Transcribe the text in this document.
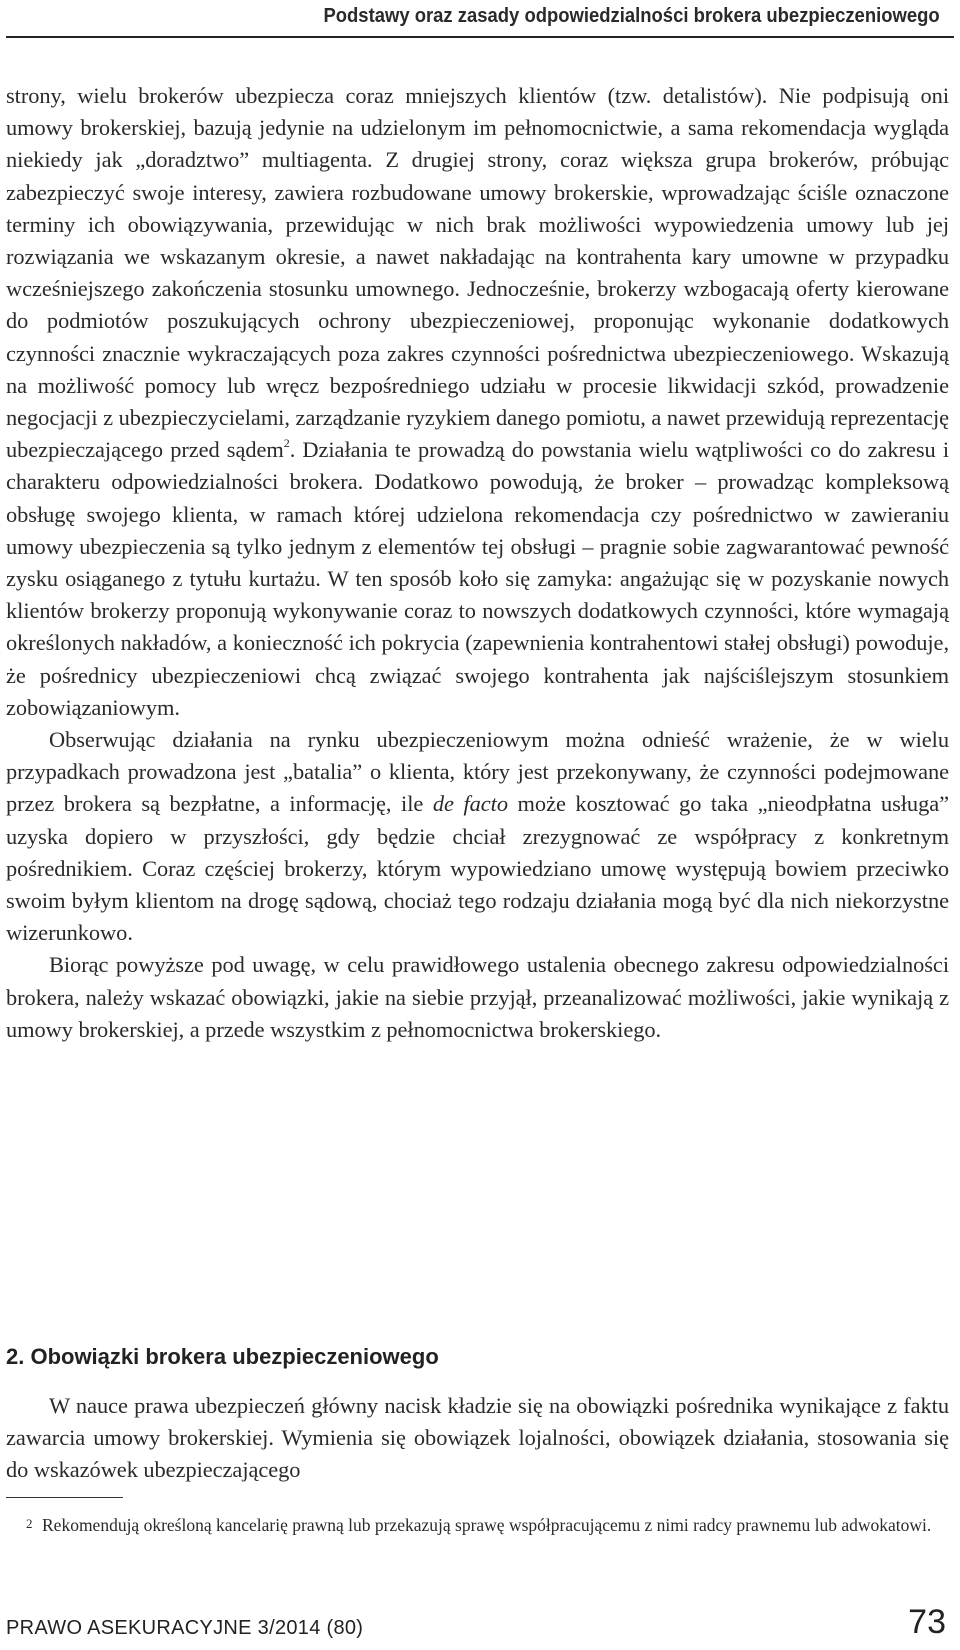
Podstawy oraz zasady odpowiedzialności brokera ubezpieczeniowego

strony, wielu brokerów ubezpiecza coraz mniejszych klientów (tzw. detalistów). Nie podpisują oni umowy brokerskiej, bazują jedynie na udzielonym im pełnomocnictwie, a sama rekomendacja wygląda niekiedy jak „doradztwo” multiagenta. Z drugiej strony, coraz większa grupa brokerów, próbując zabezpieczyć swoje interesy, zawiera rozbudowane umowy brokerskie, wprowadzając ściśle oznaczone terminy ich obowiązywania, przewidując w nich brak możliwości wypowiedzenia umowy lub jej rozwiązania we wskazanym okresie, a nawet nakładając na kontrahenta kary umowne w przypadku wcześniejszego zakończenia stosunku umownego. Jednocześnie, brokerzy wzbogacają oferty kierowane do podmiotów poszukujących ochrony ubezpieczeniowej, proponując wykonanie dodatkowych czynności znacznie wykraczających poza zakres czynności pośrednictwa ubezpieczeniowego. Wskazują na możliwość pomocy lub wręcz bezpośredniego udziału w procesie likwidacji szkód, prowadzenie negocjacji z ubezpieczycielami, zarządzanie ryzykiem danego pomiotu, a nawet przewidują reprezentację ubezpieczającego przed sądem$^2$. Działania te prowadzą do powstania wielu wątpliwości co do zakresu i charakteru odpowiedzialności brokera. Dodatkowo powodują, że broker – prowadząc kompleksową obsługę swojego klienta, w ramach której udzielona rekomendacja czy pośrednictwo w zawieraniu umowy ubezpieczenia są tylko jednym z elementów tej obsługi – pragnie sobie zagwarantować pewność zysku osiąganego z tytułu kurtażu. W ten sposób koło się zamyka: angażując się w pozyskanie nowych klientów brokerzy proponują wykonywanie coraz to nowszych dodatkowych czynności, które wymagają określonych nakładów, a konieczność ich pokrycia (zapewnienia kontrahentowi stałej obsługi) powoduje, że pośrednicy ubezpieczeniowi chcą związać swojego kontrahenta jak najściślejszym stosunkiem zobowiązaniowym.

Obserwując działania na rynku ubezpieczeniowym można odnieść wrażenie, że w wielu przypadkach prowadzona jest „batalia” o klienta, który jest przekonywany, że czynności podejmowane przez brokera są bezpłatne, a informację, ile de facto może kosztować go taka „nieodpłatna usługa” uzyska dopiero w przyszłości, gdy będzie chciał zrezygnować ze współpracy z konkretnym pośrednikiem. Coraz częściej brokerzy, którym wypowiedziano umowę występują bowiem przeciwko swoim byłym klientom na drogę sądową, chociaż tego rodzaju działania mogą być dla nich niekorzystne wizerunkowo.

Biorąc powyższe pod uwagę, w celu prawidłowego ustalenia obecnego zakresu odpowiedzialności brokera, należy wskazać obowiązki, jakie na siebie przyjął, przeanalizować możliwości, jakie wynikają z umowy brokerskiej, a przede wszystkim z pełnomocnictwa brokerskiego.

2. Obowiązki brokera ubezpieczeniowego

W nauce prawa ubezpieczeń główny nacisk kładzie się na obowiązki pośrednika wynikające z faktu zawarcia umowy brokerskiej. Wymienia się obowiązek lojalności, obowiązek działania, stosowania się do wskazówek ubezpieczającego

2 Rekomendują określoną kancelarię prawną lub przekazują sprawę współpracującemu z nimi radcy prawnemu lub adwokatowi.

PRAWO ASEKURACYJNE 3/2014 (80)	73
